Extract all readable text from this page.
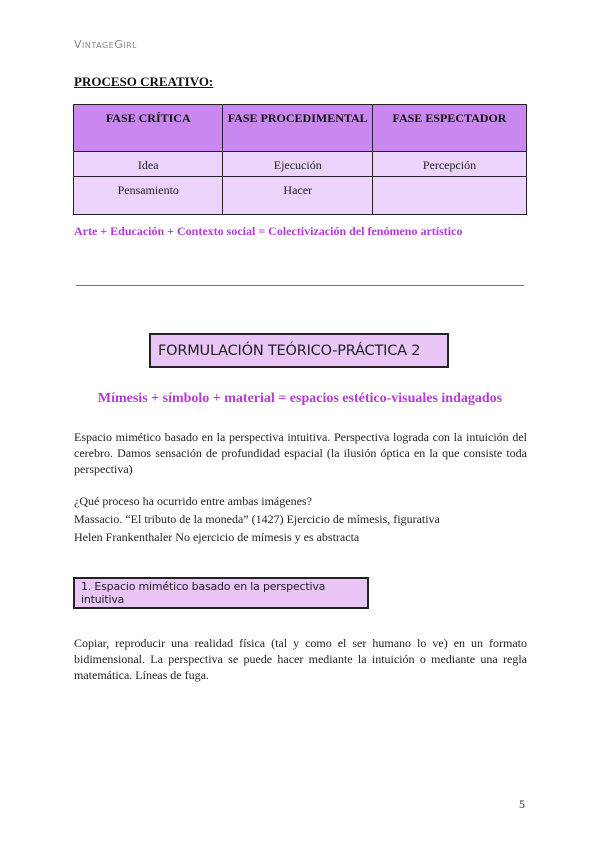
VintageGirl
PROCESO CREATIVO:
FASE CRÍTICA	FASE PROCEDIMENTAL	FASE ESPECTADOR
Idea	Ejecución	Percepción
Pensamiento	Hacer	
Arte + Educación + Contexto social = Colectivización del fenómeno artístico
FORMULACIÓN TEÓRICO-PRÁCTICA 2
Mímesis + símbolo + material = espacios estético-visuales indagados
Espacio mimético basado en la perspectiva intuitiva. Perspectiva lograda con la intuición del cerebro. Damos sensación de profundidad espacial (la ilusión óptica en la que consiste toda perspectiva)
¿Qué proceso ha ocurrido entre ambas imágenes?
Massacio. “El tributo de la moneda” (1427) Ejercicio de mímesis, figurativa
Helen Frankenthaler No ejercicio de mímesis y es abstracta
1. Espacio mimético basado en la perspectiva intuitiva
Copiar, reproducir una realidad física (tal y como el ser humano lo ve) en un formato bidimensional. La perspectiva se puede hacer mediante la intuición o mediante una regla matemática. Líneas de fuga.
5
